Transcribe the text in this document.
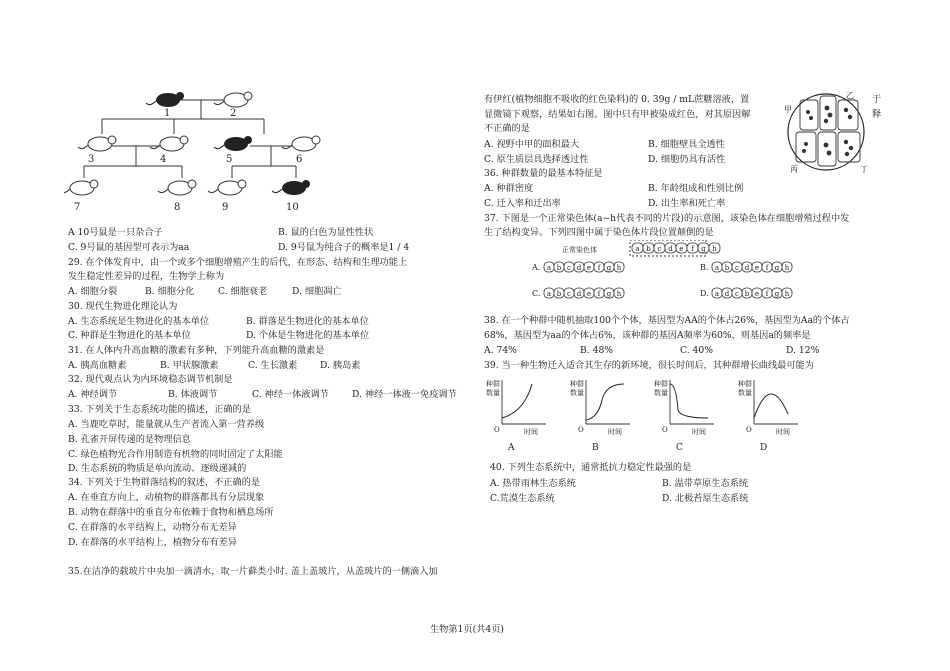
1	2
3	4	5	6
7	8	9	10
A 10号鼠是一只杂合子	B. 鼠的白色为显性性状
C. 9号鼠的基因型可表示为aa	D. 9号鼠为纯合子的概率是1 / 4
29. 在个体发育中，由一个或多个细胞增殖产生的后代，在形态、结构和生理功能上
发生稳定性差异的过程，生物学上称为
A. 细胞分裂	B. 细胞分化	C. 细胞衰老	D. 细胞凋亡
30. 现代生物进化理论认为
A. 生态系统是生物进化的基本单位	B. 群落是生物进化的基本单位
C. 种群是生物进化的基本单位	D. 个体是生物进化的基本单位
31. 在人体内升高血糖的激素有多种，下列能升高血糖的激素是
A. 胰高血糖素	B. 甲状腺激素	C. 生长激素 D. 胰岛素
32. 现代观点认为内环境稳态调节机制是
A. 神经调节	B. 体液调节	C. 神经一体液调节	D. 神经一体液一免疫调节
33. 下列关于生态系统功能的描述，正确的是
A. 当鹿吃草时，能量就从生产者流入第一营养级
B. 孔雀开屏传递的是物理信息
C. 绿色植物光合作用制造有机物的同时固定了太阳能
D. 生态系统的物质是单向流动、逐级递减的
34. 下列关于生物群落结构的叙述，不正确的是
A. 在垂直方向上，动植物的群落都具有分层现象
B. 动物在群落中的垂直分布依赖于食物和栖息场所
C. 在群落的水平结构上，动物分布无差异
D. 在群落的水平结构上，植物分布有差异
35.在洁净的载玻片中央加一滴清水，取一片藓类小时. 盖上盖玻片，从盖玻片的一侧滴入加
有伊红(植物细胞不吸收的红色染料)的 0. 39g / mL蔗糖溶液，置	于
显微镜下观察，结果如右图。图中只有甲被染成红色，对其原因解	释
不正确的是
A. 视野中甲的面积最大	B. 细胞壁具全透性
C. 原生质层具选择透过性	D. 细胞仍具有活性
甲
乙
丙	丁
36. 种群数量的最基本特征是
A. 种群密度	B. 年龄组成和性别比例
C. 迁入率和迁出率	D. 出生率和死亡率
37. 下图是一个正常染色体(a~h代表不同的片段)的示意图，该染色体在细胞增殖过程中发
生了结构变异。下列四图中属于染色体片段位置颠倒的是
正常染色体	a b c d e f g h
A. a b c d e f g h	B. a b c d e f g h
C. a b c d e f g h	D. a d c b e f g h
38. 在一个种群中随机抽取100个个体，基因型为AA的个体占26%，基因型为Aa的个体占
68%，基因型为aa的个体占6%，该种群的基因A频率为60%，则基因a的频率是
A. 74%	B. 48%	C. 40%	D. 12%
39. 当一种生物迁入适合其生存的新环境，很长时间后，其种群增长曲线最可能为
种群
数量
O	时间
A
种群
数量
O	时间
B
种群
数量
O	时间
C
种群
数量
O	时间
D
40. 下列生态系统中，通常抵抗力稳定性最强的是
A. 热带雨林生态系统	B. 温带草原生态系统
C.荒漠生态系统	D. 北极苔原生态系统
生物第1页(共4页)
